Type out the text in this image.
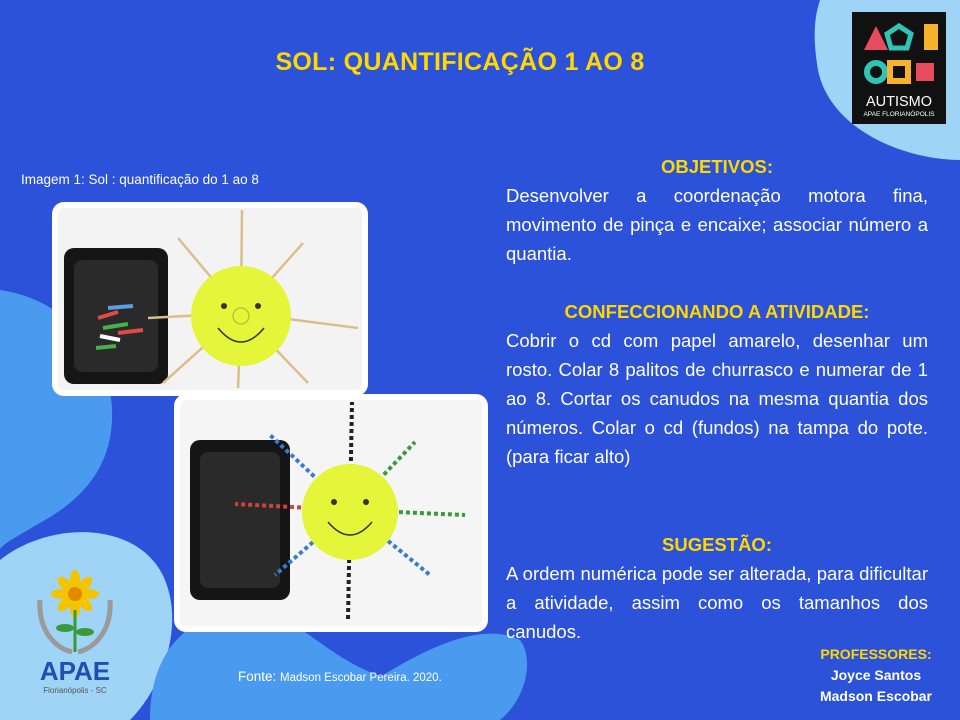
SOL: QUANTIFICAÇÃO 1 AO 8
AUTISMO
APAE FLORIANÓPOLIS
Imagem 1: Sol : quantificação do 1 ao 8
Fonte: Madson Escobar Pereira. 2020.
OBJETIVOS:

Desenvolver a coordenação motora fina, movimento de pinça e encaixe; associar número a quantia.

CONFECCIONANDO A ATIVIDADE:

Cobrir o cd com papel amarelo, desenhar um rosto. Colar 8 palitos de churrasco e numerar de 1 ao 8. Cortar os canudos na mesma quantia dos números. Colar o cd (fundos) na tampa do pote. (para ficar alto)

SUGESTÃO:

A ordem numérica pode ser alterada, para dificultar a atividade, assim como os tamanhos dos canudos.

PROFESSORES:
Joyce Santos
Madson Escobar
APAE
Florianópolis - SC
